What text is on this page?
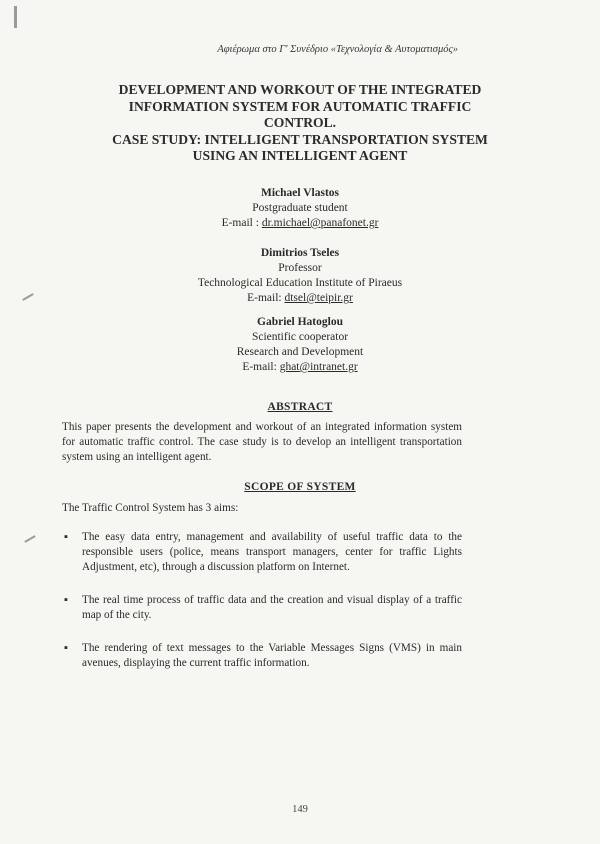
Αφιέρωμα στο Γ' Συνέδριο «Τεχνολογία & Αυτοματισμός»
DEVELOPMENT AND WORKOUT OF THE INTEGRATED
INFORMATION SYSTEM FOR AUTOMATIC TRAFFIC
CONTROL.
CASE STUDY: INTELLIGENT TRANSPORTATION SYSTEM
USING AN INTELLIGENT AGENT
Michael Vlastos
Postgraduate student
E-mail : dr.michael@panafonet.gr
Dimitrios Tseles
Professor
Technological Education Institute of Piraeus
E-mail: dtsel@teipir.gr
Gabriel Hatoglou
Scientific cooperator
Research and Development
E-mail: ghat@intranet.gr
ABSTRACT
This paper presents the development and workout of an integrated information system for automatic traffic control. The case study is to develop an intelligent transportation system using an intelligent agent.
SCOPE OF SYSTEM
The Traffic Control System has 3 aims:
▪ The easy data entry, management and availability of useful traffic data to the responsible users (police, means transport managers, center for traffic Lights Adjustment, etc), through a discussion platform on Internet.
▪ The real time process of traffic data and the creation and visual display of a traffic map of the city.
▪ The rendering of text messages to the Variable Messages Signs (VMS) in main avenues, displaying the current traffic information.
149
